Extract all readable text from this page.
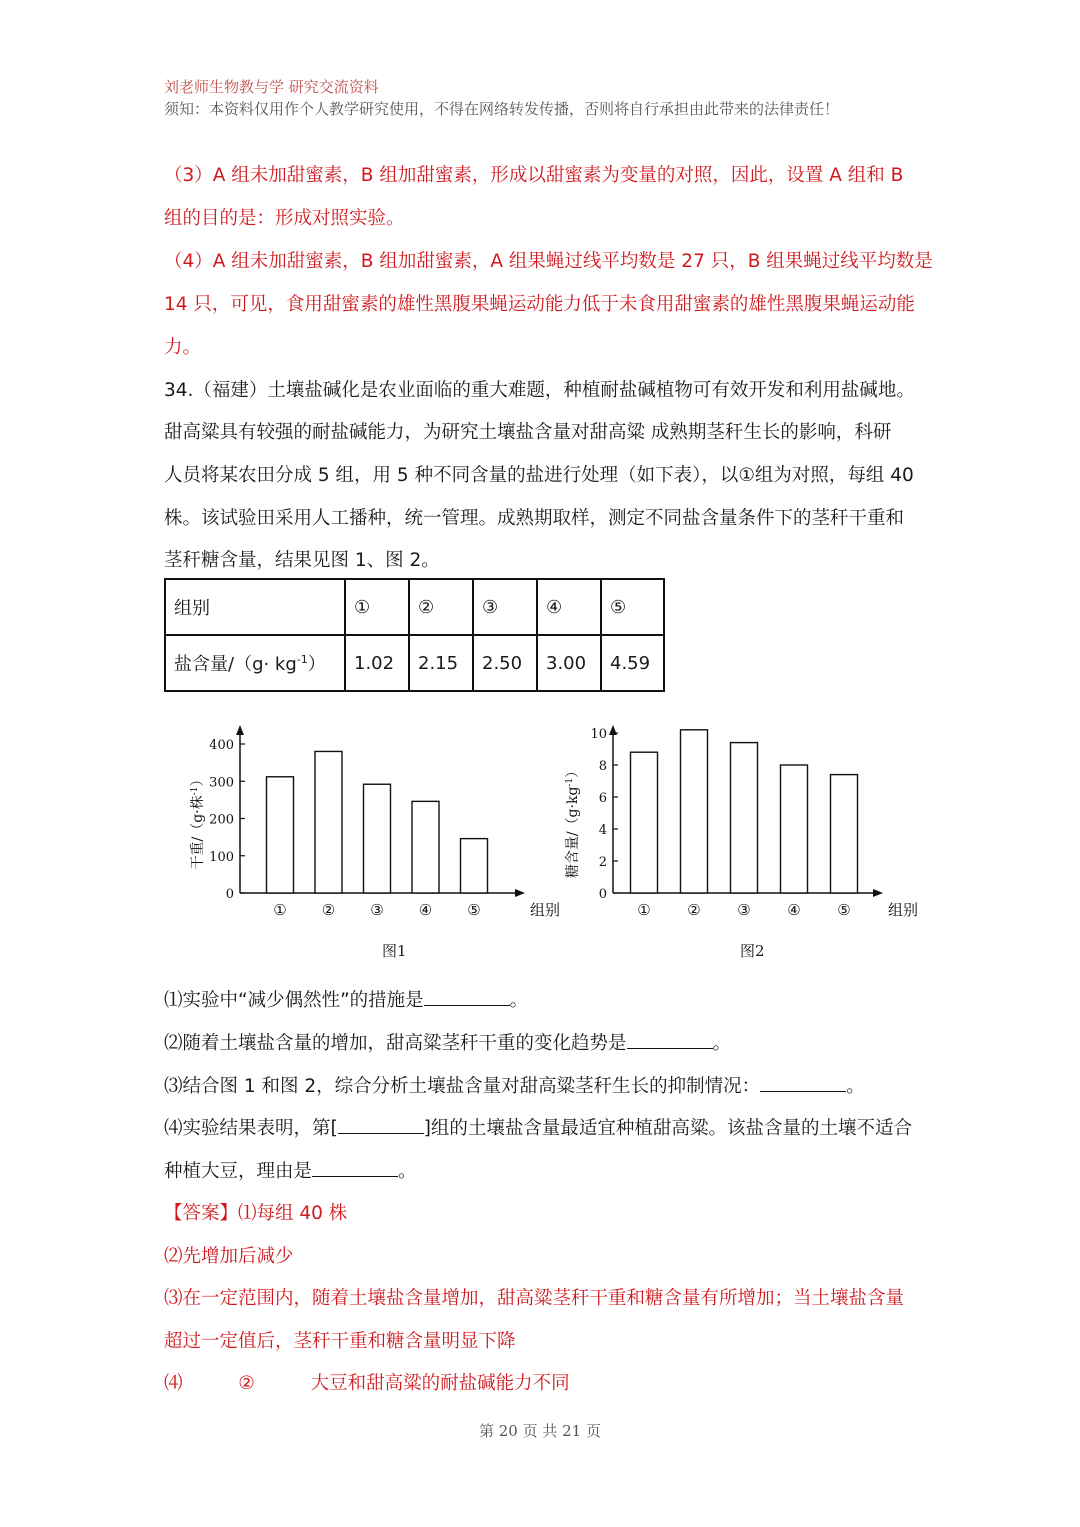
刘老师生物教与学 研究交流资料
须知：本资料仅用作个人教学研究使用，不得在网络转发传播，否则将自行承担由此带来的法律责任！
（3）A 组未加甜蜜素，B 组加甜蜜素，形成以甜蜜素为变量的对照，因此，设置 A 组和 B
组的目的是：形成对照实验。
（4）A 组未加甜蜜素，B 组加甜蜜素，A 组果蝇过线平均数是 27 只，B 组果蝇过线平均数是
14 只，可见，食用甜蜜素的雄性黑腹果蝇运动能力低于未食用甜蜜素的雄性黑腹果蝇运动能
力。
34.（福建）土壤盐碱化是农业面临的重大难题，种植耐盐碱植物可有效开发和利用盐碱地。
甜高粱具有较强的耐盐碱能力，为研究土壤盐含量对甜高粱 成熟期茎秆生长的影响，科研
人员将某农田分成 5 组，用 5 种不同含量的盐进行处理（如下表），以①组为对照，每组 40
株。该试验田采用人工播种，统一管理。成熟期取样，测定不同盐含量条件下的茎秆干重和
茎秆糖含量，结果见图 1、图 2。
组别	①	②	③	④	⑤
盐含量$/(g\cdot kg^{-1})$	1.02	2.15	2.50	3.00	4.59
0
100
200
300
400
① ② ③ ④ ⑤	组别
干重/（g·株$^{-1}$）
0
2
4
6
8
10
① ② ③ ④ ⑤ 组别
糖含量$/(g\cdot kg^{-1})$
图1	图2
⑴实验中“减少偶然性”的措施是	。
⑵随着土壤盐含量的增加，甜高粱茎秆干重的变化趋势是	。
⑶结合图 1 和图 2，综合分析土壤盐含量对甜高粱茎秆生长的抑制情况：	。
⑷实验结果表明，第[	]组的土壤盐含量最适宜种植甜高粱。该盐含量的土壤不适合
种植大豆，理由是	。
【答案】⑴每组 40 株
⑵先增加后减少
⑶在一定范围内，随着土壤盐含量增加，甜高粱茎秆干重和糖含量有所增加；当土壤盐含量
超过一定值后，茎秆干重和糖含量明显下降
⑷	②	大豆和甜高粱的耐盐碱能力不同
第 20 页 共 21 页
